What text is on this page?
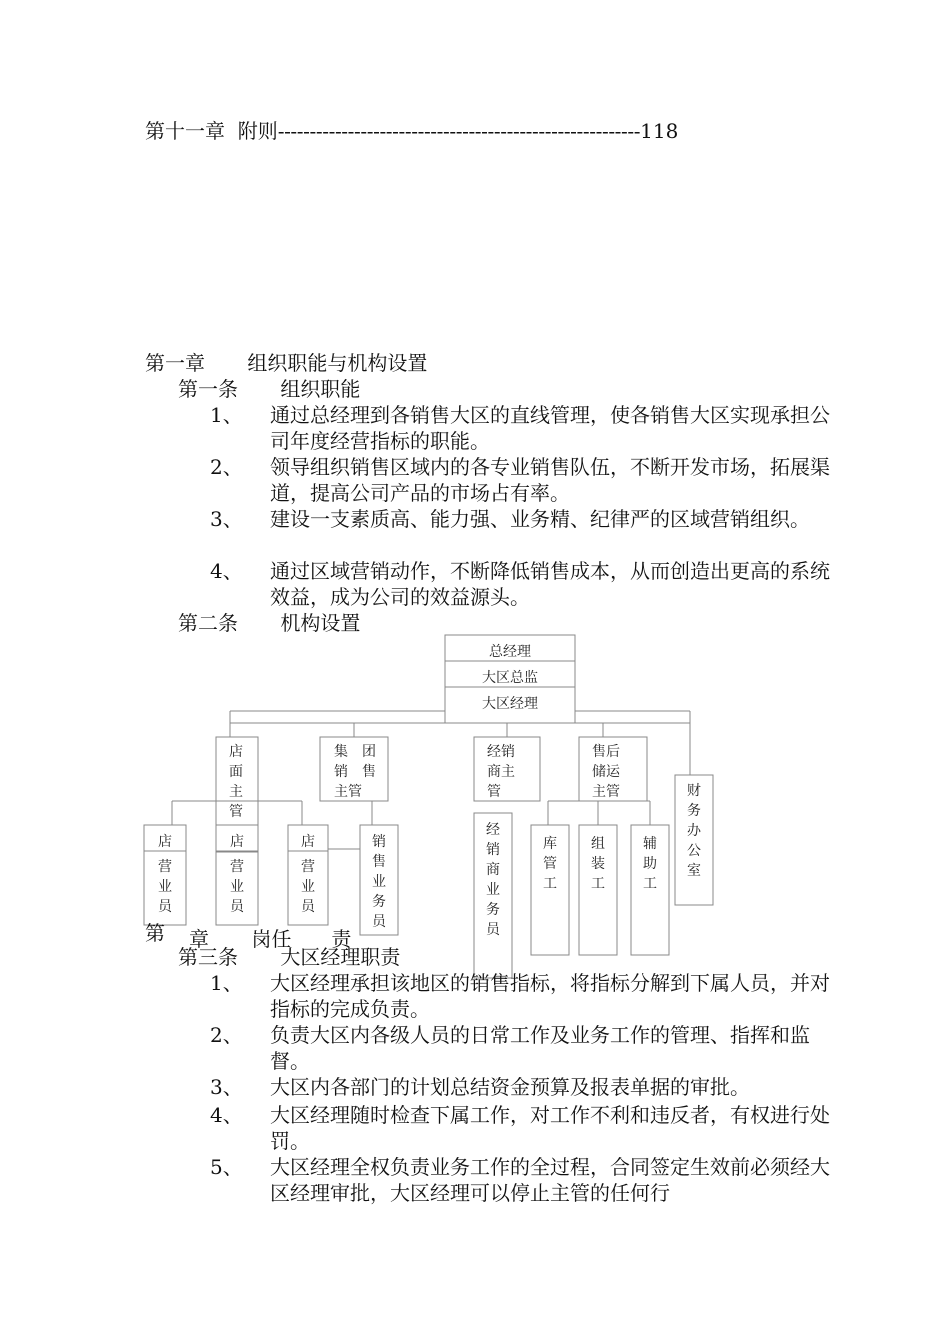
第十一章 附则---------------------------------------------------------118
第一章 组织职能与机构设置
第一条 组织职能
1、 通过总经理到各销售大区的直线管理，使各销售大区实现承担公司年度经营指标的职能。
2、 领导组织销售区域内的各专业销售队伍，不断开发市场，拓展渠道，提高公司产品的市场占有率。
3、 建设一支素质高、能力强、业务精、纪律严的区域营销组织。
4、 通过区域营销动作，不断降低销售成本，从而创造出更高的系统效益，成为公司的效益源头。
第二条 机构设置
总经理
大区总监
大区经理
店
面
主
管
集　团
销　售
主管
经销
商主
管
售后
储运
主管	财
务
办
公
室
店
营
业
员
店
营
业
员
店
营
业
员
销
售
业
务
员
经
销
商
业
务
员
库
管
工
组
装
工
辅
助
工
第 章 岗任 责
第三条 大区经理职责
1、 大区经理承担该地区的销售指标，将指标分解到下属人员，并对指标的完成负责。
2、 负责大区内各级人员的日常工作及业务工作的管理、指挥和监督。
3、 大区内各部门的计划总结资金预算及报表单据的审批。
4、 大区经理随时检查下属工作，对工作不利和违反者，有权进行处罚。
5、 大区经理全权负责业务工作的全过程，合同签定生效前必须经大区经理审批，大区经理可以停止主管的任何行
